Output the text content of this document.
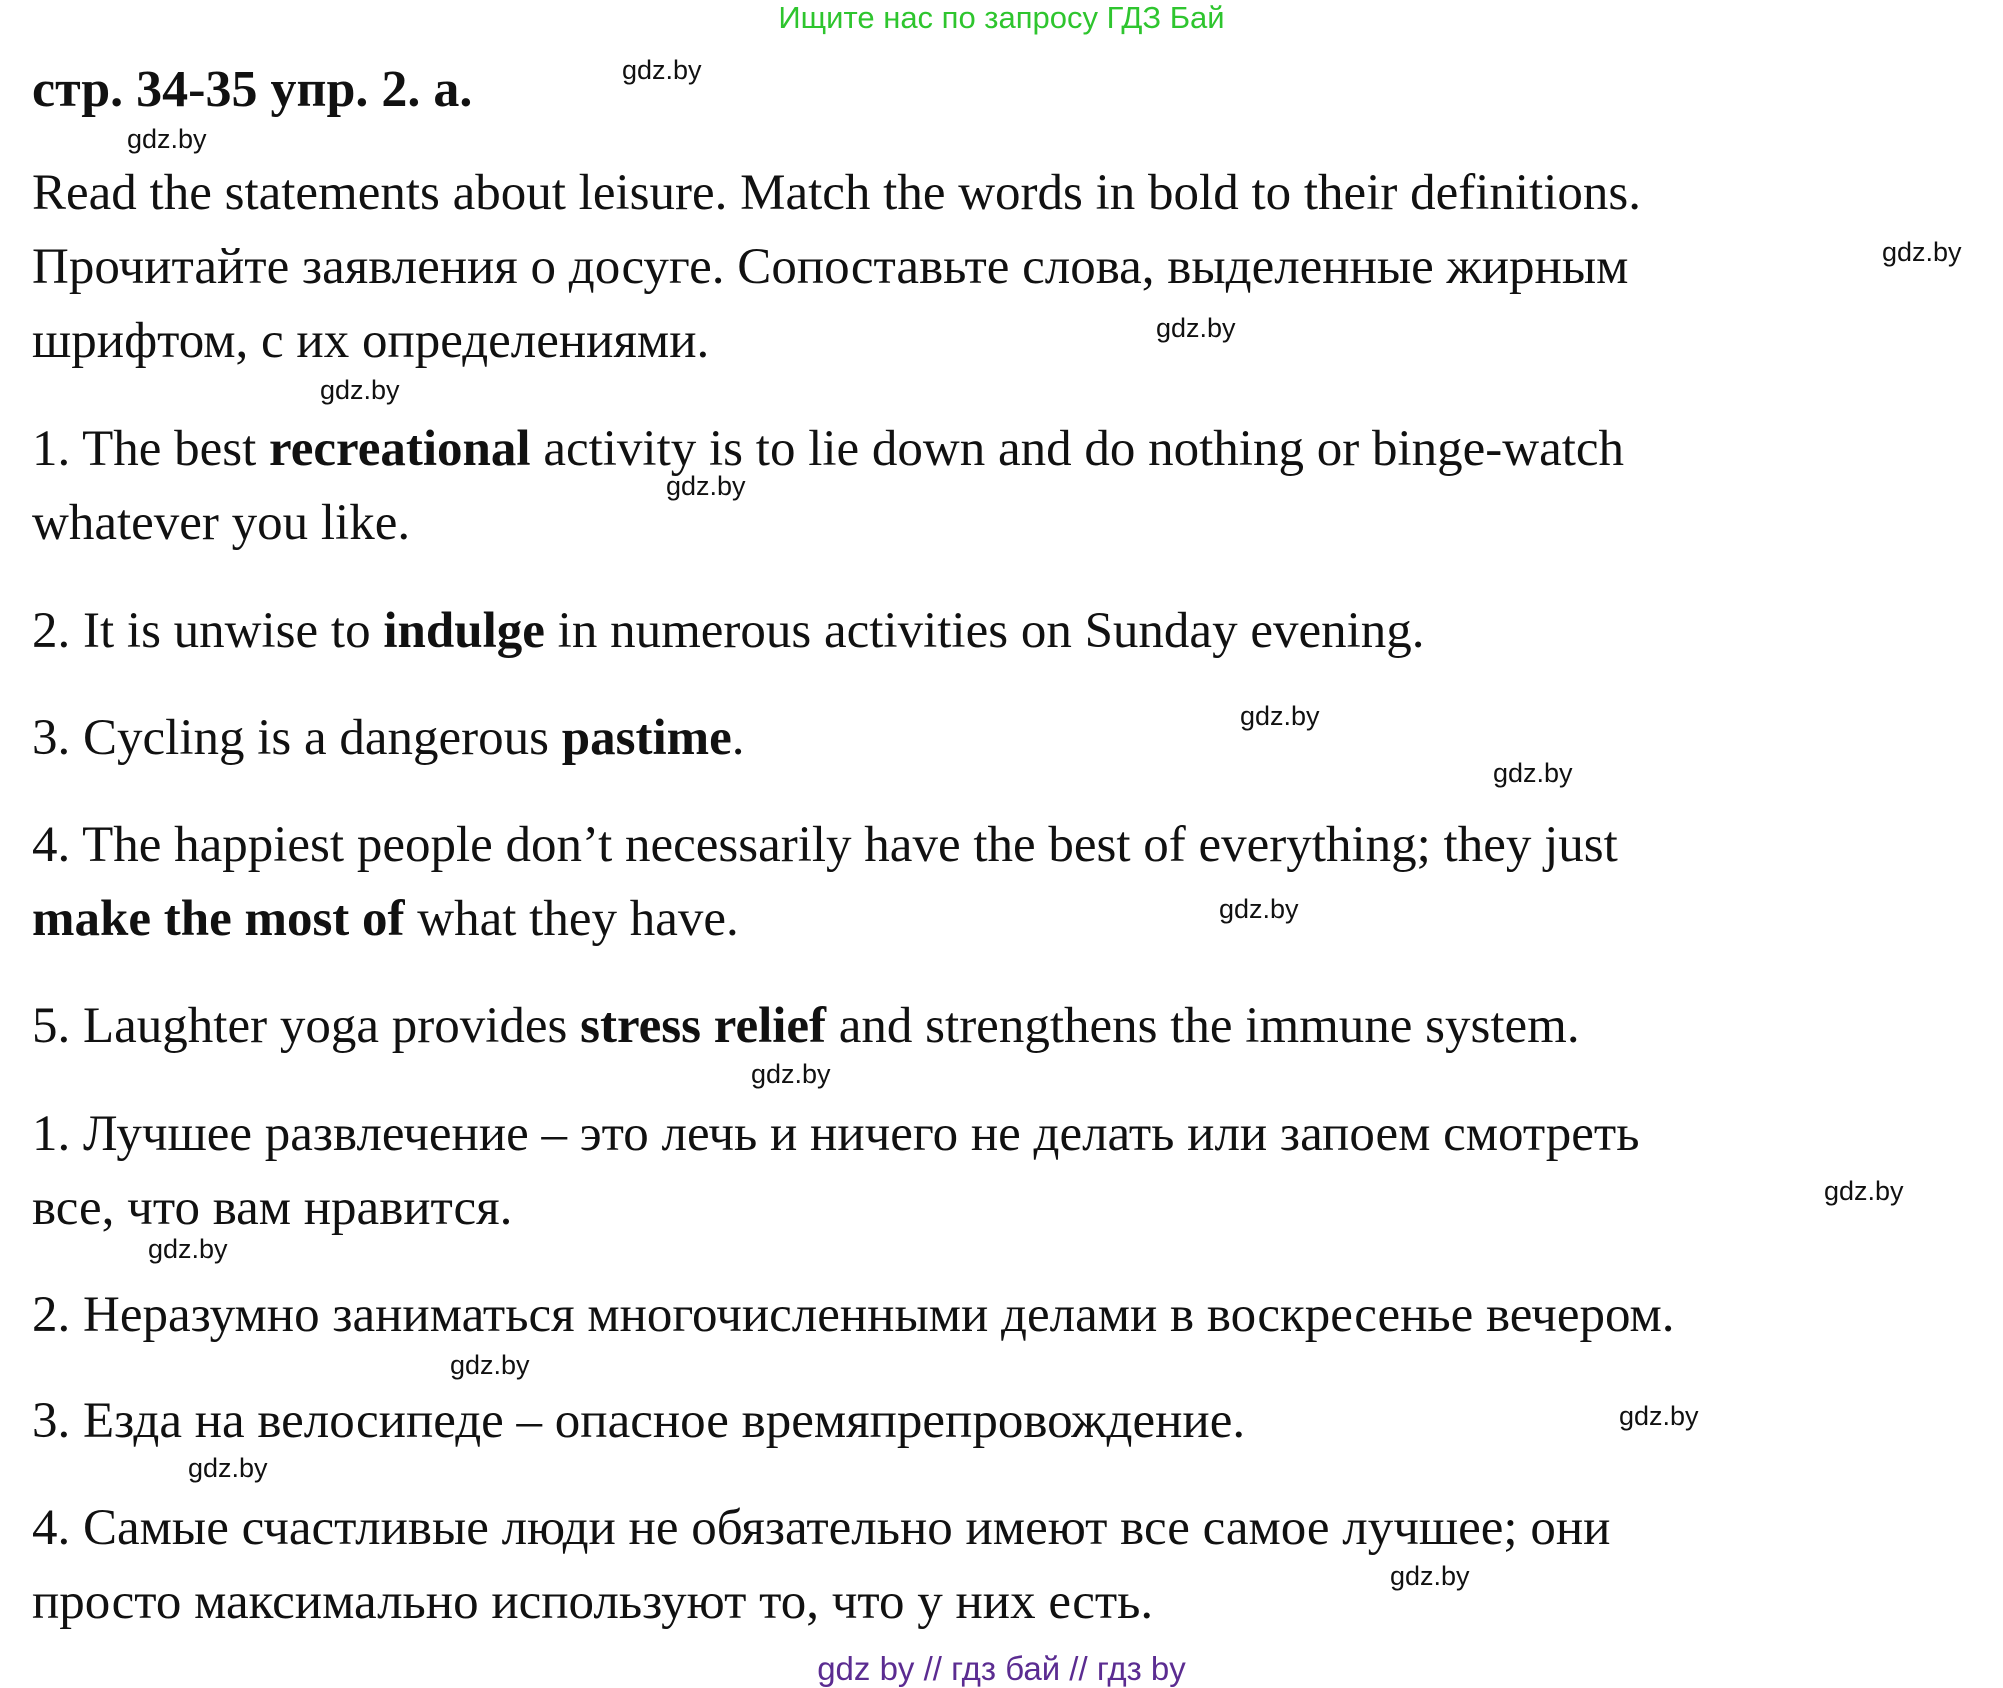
Ищите нас по запросу ГДЗ Бай
стр. 34-35 упр. 2. а.

Read the statements about leisure. Match the words in bold to their definitions.

Прочитайте заявления о досуге. Сопоставьте слова, выделенные жирным

шрифтом, с их определениями.

1. The best recreational activity is to lie down and do nothing or binge-watch

whatever you like.

2. It is unwise to indulge in numerous activities on Sunday evening.

3. Cycling is a dangerous pastime.

4. The happiest people don’t necessarily have the best of everything; they just

make the most of what they have.

5. Laughter yoga provides stress relief and strengthens the immune system.

1. Лучшее развлечение – это лечь и ничего не делать или запоем смотреть

все, что вам нравится.

2. Неразумно заниматься многочисленными делами в воскресенье вечером.

3. Езда на велосипеде – опасное времяпрепровождение.

4. Самые счастливые люди не обязательно имеют все самое лучшее; они

просто максимально используют то, что у них есть.

gdz.by
gdz.by
gdz.by
gdz.by
gdz.by
gdz.by
gdz.by
gdz.by
gdz.by
gdz.by
gdz.by
gdz.by
gdz.by
gdz.by
gdz.by
gdz.by
gdz by // гдз бай // гдз by
